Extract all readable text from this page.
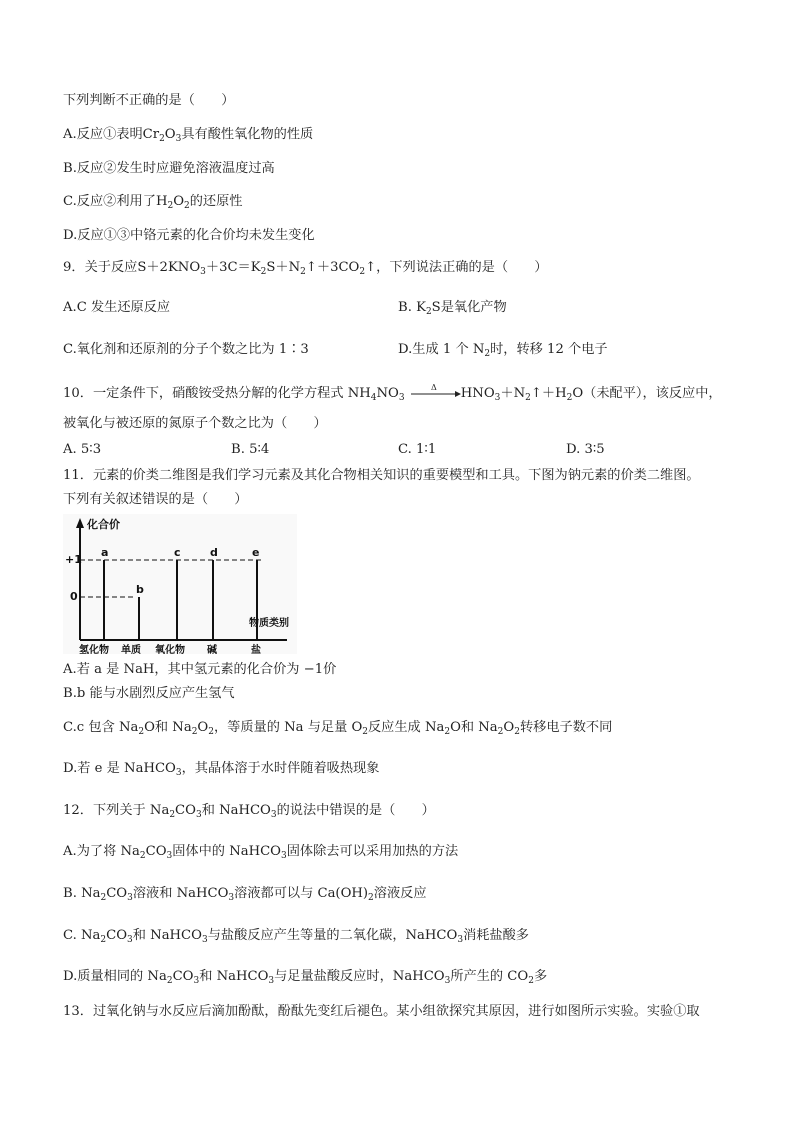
下列判断不正确的是（　　）
A.反应①表明$Cr_2O_3$具有酸性氧化物的性质
B.反应②发生时应避免溶液温度过高
C.反应②利用了$H_2O_2$的还原性
D.反应①③中铬元素的化合价均未发生变化
9．关于反应$S+2KNO_3+3C=K_2S+N_2↑+3CO_2↑$，下列说法正确的是（　　）
A.C 发生还原反应	B. $K_2S$是氧化产物
C.氧化剂和还原剂的分子个数之比为 1∶3	D.生成 1 个 $N_2$时，转移 12 个电子
10．一定条件下，硝酸铵受热分解的化学方程式 $NH_4NO_3$
Δ $HNO_3+N_2↑+H_2O$（未配平），该反应中，
被氧化与被还原的氮原子个数之比为（　　）
A. 5∶3	B. 5∶4	C. 1∶1	D. 3∶5
11．元素的价类二维图是我们学习元素及其化合物相关知识的重要模型和工具。下图为钠元素的价类二维图。
下列有关叙述错误的是（　　）
化合价
+1
0
a
b
c	d	e
物质类别
氢化物 单质 氧化物 碱	盐
A.若 a 是 NaH，其中氢元素的化合价为 −1价
B.b 能与水剧烈反应产生氢气
C.c 包含 $Na_2O$和 $Na_2O_2$，等质量的 Na 与足量 $O_2$反应生成 $Na_2O$和 $Na_2O_2$转移电子数不同
D.若 e 是 NaHCO$_3$，其晶体溶于水时伴随着吸热现象
12．下列关于 $Na_2CO_3$和 NaHCO$_3$的说法中错误的是（　　）
A.为了将 $Na_2CO_3$固体中的 NaHCO$_3$固体除去可以采用加热的方法
B. $Na_2CO_3$溶液和 NaHCO$_3$溶液都可以与 $Ca(OH)_2$溶液反应
C. $Na_2CO_3$和 NaHCO$_3$与盐酸反应产生等量的二氧化碳，NaHCO$_3$消耗盐酸多
D.质量相同的 $Na_2CO_3$和 NaHCO$_3$与足量盐酸反应时，NaHCO$_3$所产生的 $CO_2$多
13．过氧化钠与水反应后滴加酚酞，酚酞先变红后褪色。某小组欲探究其原因，进行如图所示实验。实验①取
